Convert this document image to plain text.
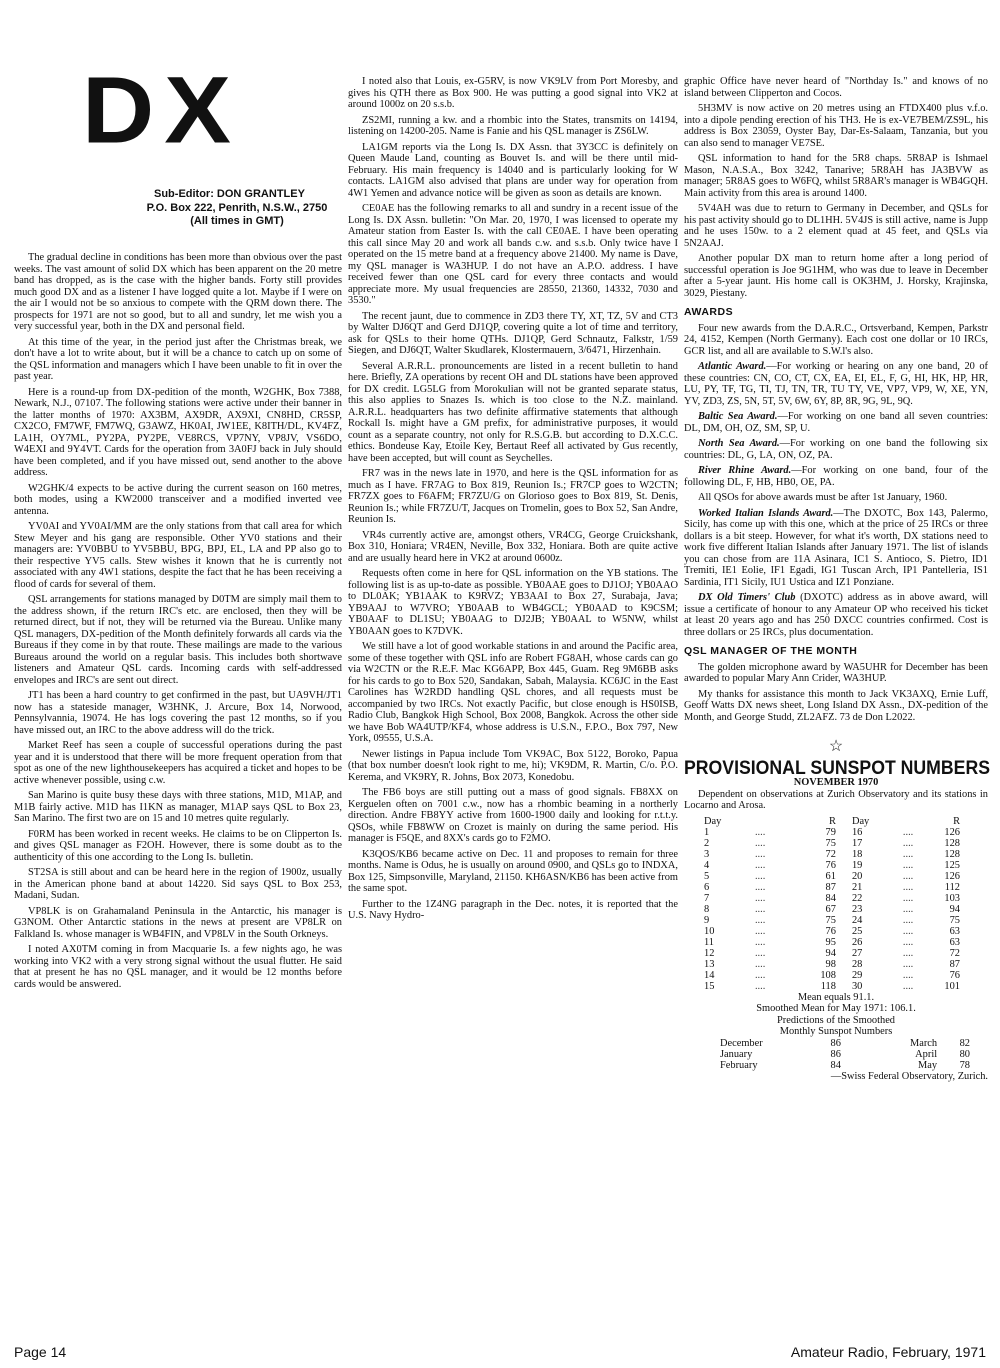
DX
Sub-Editor: DON GRANTLEY
P.O. Box 222, Penrith, N.S.W., 2750
(All times in GMT)

The gradual decline in conditions has been more than obvious over the past weeks. The vast amount of solid DX which has been apparent on the 20 metre band has dropped, as is the case with the higher bands. Forty still provides much good DX and as a listener I have logged quite a lot. Maybe if I were on the air I would not be so anxious to compete with the QRM down there. The prospects for 1971 are not so good, but to all and sundry, let me wish you a very successful year, both in the DX and personal field.

At this time of the year, in the period just after the Christmas break, we don't have a lot to write about, but it will be a chance to catch up on some of the QSL information and managers which I have been unable to fit in over the past year.

Here is a round-up from DX-pedition of the month, W2GHK, Box 7388, Newark, N.J., 07107. The following stations were active under their banner in the latter months of 1970: AX3BM, AX9DR, AX9XI, CN8HD, CR5SP, CX2CO, FM7WF, FM7WQ, G3AWZ, HK0AI, JW1EE, K8ITH/DL, KV4FZ, LA1H, OY7ML, PY2PA, PY2PE, VE8RCS, VP7NY, VP8JV, VS6DO, W4EXI and 9Y4VT. Cards for the operation from 3A0FJ back in July should have been completed, and if you have missed out, send another to the above address.

W2GHK/4 expects to be active during the current season on 160 metres, both modes, using a KW2000 transceiver and a modified inverted vee antenna.

YV0AI and YV0AI/MM are the only stations from that call area for which Stew Meyer and his gang are responsible. Other YV0 stations and their managers are: YV0BBU to YV5BBU, BPG, BPJ, EL, LA and PP also go to their respective YV5 calls. Stew wishes it known that he is currently not associated with any 4W1 stations, despite the fact that he has been receiving a flood of cards for several of them.

QSL arrangements for stations managed by D0TM are simply mail them to the address shown, if the return IRC's etc. are enclosed, then they will be returned direct, but if not, they will be returned via the Bureau. Unlike many QSL managers, DX-pedition of the Month definitely forwards all cards via the Bureaus if they come in by that route. These mailings are made to the various Bureaus around the world on a regular basis. This includes both shortwave listeners and Amateur QSL cards. Incoming cards with self-addressed envelopes and IRC's are sent out direct.

JT1 has been a hard country to get confirmed in the past, but UA9VH/JT1 now has a stateside manager, W3HNK, J. Arcure, Box 14, Norwood, Pennsylvannia, 19074. He has logs covering the past 12 months, so if you have missed out, an IRC to the above address will do the trick.

Market Reef has seen a couple of successful operations during the past year and it is understood that there will be more frequent operation from that spot as one of the new lighthousekeepers has acquired a ticket and hopes to be active whenever possible, using c.w.

San Marino is quite busy these days with three stations, M1D, M1AP, and M1B fairly active. M1D has I1KN as manager, M1AP says QSL to Box 23, San Marino. The first two are on 15 and 10 metres quite regularly.

F0RM has been worked in recent weeks. He claims to be on Clipperton Is. and gives QSL manager as F2OH. However, there is some doubt as to the authenticity of this one according to the Long Is. bulletin.

ST2SA is still about and can be heard here in the region of 1900z, usually in the American phone band at about 14220. Sid says QSL to Box 253, Madani, Sudan.

VP8LK is on Grahamaland Peninsula in the Antarctic, his manager is G3NOM. Other Antarctic stations in the news at present are VP8LR on Falkland Is. whose manager is WB4FIN, and VP8LV in the South Orkneys.

I noted AX0TM coming in from Macquarie Is. a few nights ago, he was working into VK2 with a very strong signal without the usual flutter. He said that at present he has no QSL manager, and it would be 12 months before cards would be answered.

I noted also that Louis, ex-G5RV, is now VK9LV from Port Moresby, and gives his QTH there as Box 900. He was putting a good signal into VK2 at around 1000z on 20 s.s.b.

ZS2MI, running a kw. and a rhombic into the States, transmits on 14194, listening on 14200-205. Name is Fanie and his QSL manager is ZS6LW.

LA1GM reports via the Long Is. DX Assn. that 3Y3CC is definitely on Queen Maude Land, counting as Bouvet Is. and will be there until mid-February. His main frequency is 14040 and is particularly looking for W contacts. LA1GM also advised that plans are under way for operation from 4W1 Yemen and advance notice will be given as soon as details are known.

CE0AE has the following remarks to all and sundry in a recent issue of the Long Is. DX Assn. bulletin: "On Mar. 20, 1970, I was licensed to operate my Amateur station from Easter Is. with the call CE0AE. I have been operating this call since May 20 and work all bands c.w. and s.s.b. Only twice have I operated on the 15 metre band at a frequency above 21400. My name is Dave, my QSL manager is WA3HUP. I do not have an A.P.O. address. I have received fewer than one QSL card for every three contacts and would appreciate more. My usual frequencies are 28550, 21360, 14332, 7030 and 3530."

The recent jaunt, due to commence in ZD3 there TY, XT, TZ, 5V and CT3 by Walter DJ6QT and Gerd DJ1QP, covering quite a lot of time and territory, ask for QSLs to their home QTHs. DJ1QP, Gerd Schnautz, Falkstr, 1/59 Siegen, and DJ6QT, Walter Skudlarek, Klostermauern, 3/6471, Hirzenhain.

Several A.R.R.L. pronouncements are listed in a recent bulletin to hand here. Briefly, ZA operations by recent OH and DL stations have been approved for DX credit. LG5LG from Morokulian will not be granted separate status, this also applies to Snazes Is. which is too close to the N.Z. mainland. A.R.R.L. headquarters has two definite affirmative statements that although Rockall Is. might have a GM prefix, for administrative purposes, it would count as a separate country, not only for R.S.G.B. but according to D.X.C.C. ethics. Bondeuse Kay, Etoile Key, Bertaut Reef all activated by Gus recently, have been accepted, but will count as Seychelles.

FR7 was in the news late in 1970, and here is the QSL information for as much as I have. FR7AG to Box 819, Reunion Is.; FR7CP goes to W2CTN; FR7ZX goes to F6AFM; FR7ZU/G on Glorioso goes to Box 819, St. Denis, Reunion Is.; while FR7ZU/T, Jacques on Tromelin, goes to Box 52, San Andre, Reunion Is.

VR4s currently active are, amongst others, VR4CG, George Cruickshank, Box 310, Honiara; VR4EN, Neville, Box 332, Honiara. Both are quite active and are usually heard here in VK2 at around 0600z.

Requests often come in here for QSL information on the YB stations. The following list is as up-to-date as possible. YB0AAE goes to DJ1OJ; YB0AAO to DL0AK; YB1AAK to K9RVZ; YB3AAI to Box 27, Surabaja, Java; YB9AAJ to W7VRO; YB0AAB to WB4GCL; YB0AAD to K9CSM; YB0AAF to DL1SU; YB0AAG to DJ2JB; YB0AAL to W5NW, whilst YB0AAN goes to K7DVK.

We still have a lot of good workable stations in and around the Pacific area, some of these together with QSL info are Robert FG8AH, whose cards can go via W2CTN or the R.E.F. Mac KG6APP, Box 445, Guam. Reg 9M6BB asks for his cards to go to Box 520, Sandakan, Sabah, Malaysia. KC6JC in the East Carolines has W2RDD handling QSL chores, and all requests must be accompanied by two IRCs. Not exactly Pacific, but close enough is HS0ISB, Radio Club, Bangkok High School, Box 2008, Bangkok. Across the other side we have Bob WA4UTP/KF4, whose address is U.S.N., F.P.O., Box 797, New York, 09555, U.S.A.

Newer listings in Papua include Tom VK9AC, Box 5122, Boroko, Papua (that box number doesn't look right to me, hi); VK9DM, R. Martin, C/o. P.O. Kerema, and VK9RY, R. Johns, Box 2073, Konedobu.

The FB6 boys are still putting out a mass of good signals. FB8XX on Kerguelen often on 7001 c.w., now has a rhombic beaming in a northerly direction. Andre FB8YY active from 1600-1900 daily and looking for r.t.t.y. QSOs, while FB8WW on Crozet is mainly on during the same period. His manager is F5QE, and 8XX's cards go to F2MO.

K3QOS/KB6 became active on Dec. 11 and proposes to remain for three months. Name is Odus, he is usually on around 0900, and QSLs go to INDXA, Box 125, Simpsonville, Maryland, 21150. KH6ASN/KB6 has been active from the same spot.

Further to the 1Z4NG paragraph in the Dec. notes, it is reported that the U.S. Navy Hydro-

graphic Office have never heard of "Northday Is." and knows of no island between Clipperton and Cocos.

5H3MV is now active on 20 metres using an FTDX400 plus v.f.o. into a dipole pending erection of his TH3. He is ex-VE7BEM/ZS9L, his address is Box 23059, Oyster Bay, Dar-Es-Salaam, Tanzania, but you can also send to manager VE7SE.

QSL information to hand for the 5R8 chaps. 5R8AP is Ishmael Mason, N.A.S.A., Box 3242, Tanarive; 5R8AH has JA3BVW as manager; 5R8AS goes to W6FQ, whilst 5R8AR's manager is WB4GQH. Main activity from this area is around 1400.

5V4AH was due to return to Germany in December, and QSLs for his past activity should go to DL1HH. 5V4JS is still active, name is Jupp and he uses 150w. to a 2 element quad at 45 feet, and QSLs via 5N2AAJ.

Another popular DX man to return home after a long period of successful operation is Joe 9G1HM, who was due to leave in December after a 5-year jaunt. His home call is OK3HM, J. Horsky, Krajinska, 3029, Piestany.

AWARDS

Four new awards from the D.A.R.C., Ortsverband, Kempen, Parkstr 24, 4152, Kempen (North Germany). Each cost one dollar or 10 IRCs, GCR list, and all are available to S.W.l's also.

Atlantic Award.—For working or hearing on any one band, 20 of these countries: CN, CO, CT, CX, EA, EI, EL, F, G, HI, HK, HP, HR, LU, PY, TF, TG, TI, TJ, TN, TR, TU TY, VE, VP7, VP9, W, XE, YN, YV, ZD3, ZS, 5N, 5T, 5V, 6W, 6Y, 8P, 8R, 9G, 9L, 9Q.

Baltic Sea Award.—For working on one band all seven countries: DL, DM, OH, OZ, SM, SP, U.

North Sea Award.—For working on one band the following six countries: DL, G, LA, ON, OZ, PA.

River Rhine Award.—For working on one band, four of the following DL, F, HB, HB0, OE, PA.

All QSOs for above awards must be after 1st January, 1960.

Worked Italian Islands Award.—The DXOTC, Box 143, Palermo, Sicily, has come up with this one, which at the price of 25 IRCs or three dollars is a bit steep. However, for what it's worth, DX stations need to work five different Italian Islands after January 1971. The list of islands you can chose from are 11A Asinara, IC1 S. Antioco, S. Pietro, ID1 Tremiti, IE1 Eolie, IF1 Egadi, IG1 Tuscan Arch, IP1 Pantelleria, IS1 Sardinia, IT1 Sicily, IU1 Ustica and IZ1 Ponziane.

DX Old Timers' Club (DXOTC) address as in above award, will issue a certificate of honour to any Amateur OP who received his ticket at least 20 years ago and has 250 DXCC countries confirmed. Cost is three dollars or 25 IRCs, plus documentation.

QSL MANAGER OF THE MONTH

The golden microphone award by WA5UHR for December has been awarded to popular Mary Ann Crider, WA3HUP.

My thanks for assistance this month to Jack VK3AXQ, Ernie Luff, Geoff Watts DX news sheet, Long Island DX Assn., DX-pedition of the Month, and George Studd, ZL2AFZ. 73 de Don L2022.

☆
PROVISIONAL SUNSPOT NUMBERS
NOVEMBER 1970

Dependent on observations at Zurich Observatory and its stations in Locarno and Arosa.

Day		R	Day		R
1	....	79	16	....	126
2	....	75	17	....	128
3	....	72	18	....	128
4	....	76	19	....	125
5	....	61	20	....	126
6	....	87	21	....	112
7	....	84	22	....	103
8	....	67	23	....	94
9	....	75	24	....	75
10	....	76	25	....	63
11	....	95	26	....	63
12	....	94	27	....	72
13	....	98	28	....	87
14	....	108	29	....	76
15	....	118	30	....	101
Mean equals 91.1.
Smoothed Mean for May 1971: 106.1.
Predictions of the Smoothed
Monthly Sunspot Numbers
December	86	March	82
January	86	April	80
February	84	May	78
—Swiss Federal Observatory, Zurich.
Page 14	Amateur Radio, February, 1971
